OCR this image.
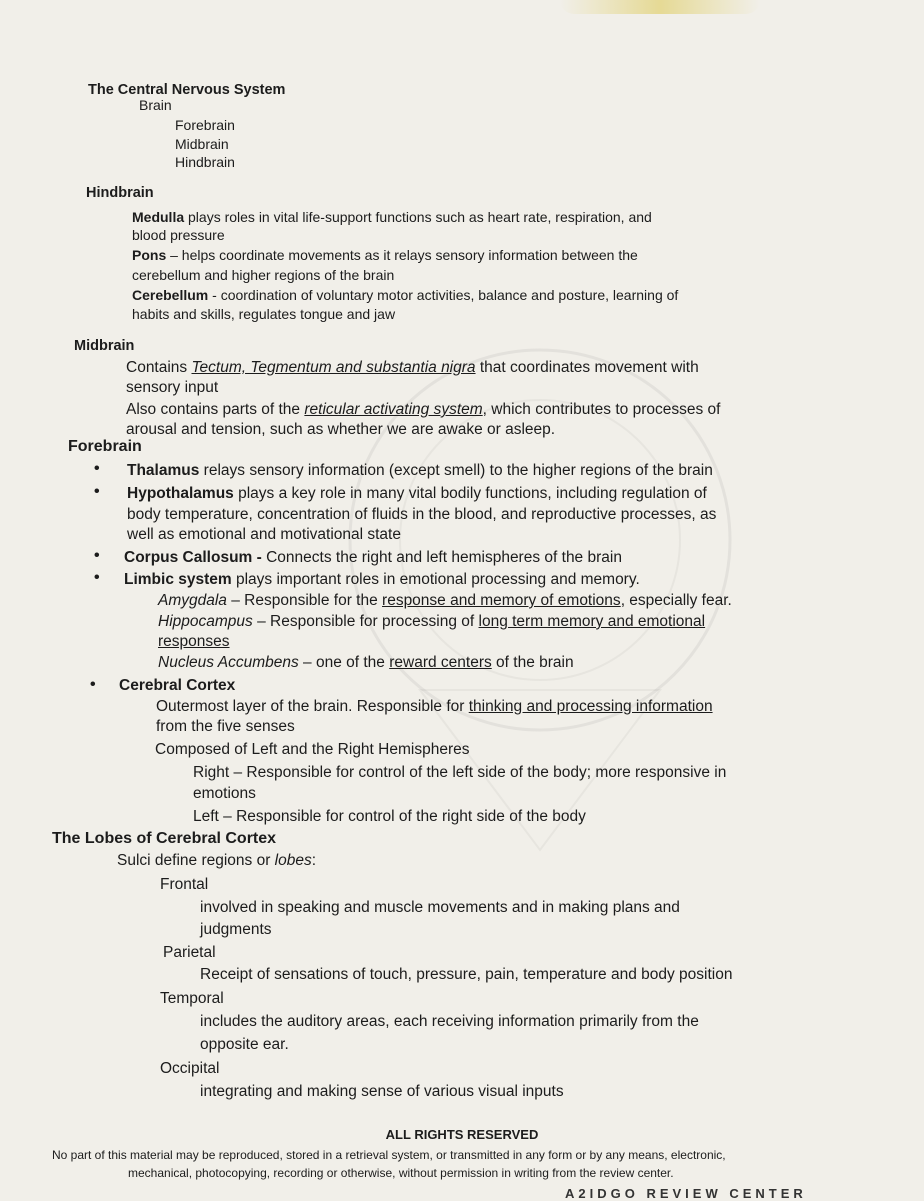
The Central Nervous System
Brain
Forebrain
Midbrain
Hindbrain
Hindbrain
Medulla plays roles in vital life-support functions such as heart rate, respiration, and
blood pressure
Pons – helps coordinate movements as it relays sensory information between the
cerebellum and higher regions of the brain
Cerebellum - coordination of voluntary motor activities, balance and posture, learning of
habits and skills, regulates tongue and jaw
Midbrain
Contains Tectum, Tegmentum and substantia nigra that coordinates movement with
sensory input
Also contains parts of the reticular activating system, which contributes to processes of
arousal and tension, such as whether we are awake or asleep.
Forebrain
• Thalamus relays sensory information (except smell) to the higher regions of the brain
• Hypothalamus plays a key role in many vital bodily functions, including regulation of
body temperature, concentration of fluids in the blood, and reproductive processes, as
well as emotional and motivational state
• Corpus Callosum - Connects the right and left hemispheres of the brain
• Limbic system plays important roles in emotional processing and memory.
Amygdala – Responsible for the response and memory of emotions, especially fear.
Hippocampus – Responsible for processing of long term memory and emotional
responses
Nucleus Accumbens – one of the reward centers of the brain
• Cerebral Cortex
Outermost layer of the brain. Responsible for thinking and processing information
from the five senses
Composed of Left and the Right Hemispheres
Right – Responsible for control of the left side of the body; more responsive in
emotions
Left – Responsible for control of the right side of the body
The Lobes of Cerebral Cortex
Sulci define regions or lobes:
Frontal
involved in speaking and muscle movements and in making plans and
judgments
Parietal
Receipt of sensations of touch, pressure, pain, temperature and body position
Temporal
includes the auditory areas, each receiving information primarily from the
opposite ear.
Occipital
integrating and making sense of various visual inputs
ALL RIGHTS RESERVED
No part of this material may be reproduced, stored in a retrieval system, or transmitted in any form or by any means, electronic,
mechanical, photocopying, recording or otherwise, without permission in writing from the review center.
A2IDGO REVIEW CENTER
